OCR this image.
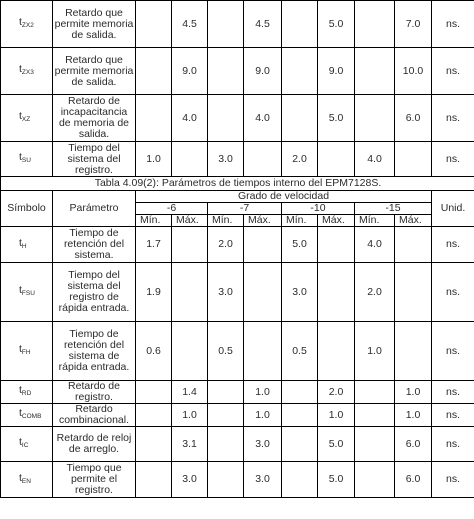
$t_{ZX2}$	Retardo que permite memoria de salida.		4.5		4.5		5.0		7.0	ns.
$t_{ZX3}$	Retardo que permite memoria de salida.		9.0		9.0		9.0		10.0	ns.
$t_{XZ}$	Retardo de incapacitancia de memoria de salida.		4.0		4.0		5.0		6.0	ns.
$t_{SU}$	Tiempo del sistema del registro.	1.0		3.0		2.0		4.0		ns.
Tabla 4.09(2): Parámetros de tiempos interno del EPM7128S.										
Símbolo	Parámetro	Grado de velocidad								Unid.
		-6		-7		-10		-15		
		Mín.	Máx.	Mín.	Máx.	Mín.	Máx.	Mín.	Máx.	
$t_H$	Tiempo de retención del sistema.	1.7		2.0		5.0		4.0		ns.
$t_{FSU}$	Tiempo del sistema del registro de rápida entrada.	1.9		3.0		3.0		2.0		ns.
$t_{FH}$	Tiempo de retención del sistema de rápida entrada.	0.6		0.5		0.5		1.0		ns.
$t_{RD}$	Retardo de registro.		1.4		1.0		2.0		1.0	ns.
$t_{COMB}$	Retardo combinacional.		1.0		1.0		1.0		1.0	ns.
$t_{IC}$	Retardo de reloj de arreglo.		3.1		3.0		5.0		6.0	ns.
$t_{EN}$	Tiempo que permite el registro.		3.0		3.0		5.0		6.0	ns.
